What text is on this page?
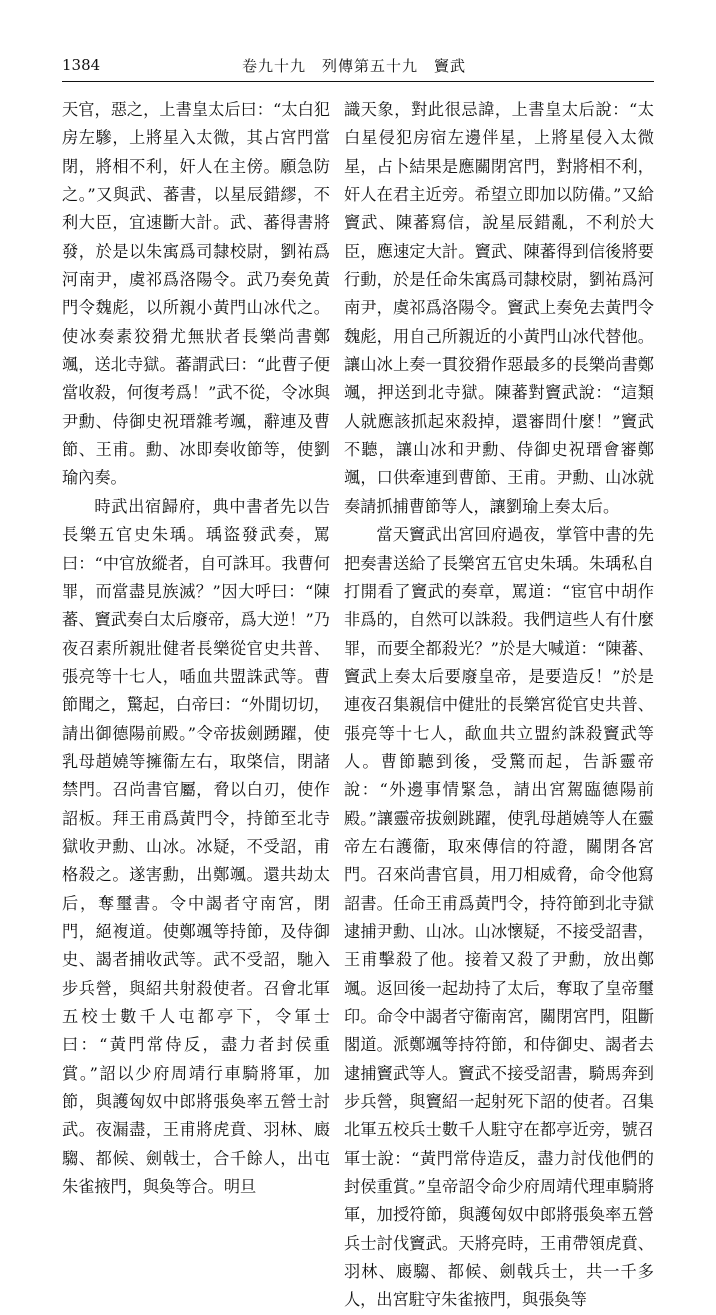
1384	卷九十九　列傳第五十九　竇武

天官，惡之，上書皇太后曰：“太白犯房左驂，上將星入太微，其占宮門當閉，將相不利，奸人在主傍。願急防之。”又與武、蕃書，以星辰錯繆，不利大臣，宜速斷大計。武、蕃得書將發，於是以朱㝢爲司隸校尉，劉祐爲河南尹，虞祁爲洛陽令。武乃奏免黃門令魏彪，以所親小黃門山冰代之。使冰奏素狡猾尤無狀者長樂尚書鄭颯，送北寺獄。蕃謂武曰：“此曹子便當收殺，何復考爲！”武不從，令冰與尹勳、侍御史祝瑨雜考颯，辭連及曹節、王甫。勳、冰即奏收節等，使劉瑜內奏。

時武出宿歸府，典中書者先以告長樂五官史朱瑀。瑀盜發武奏，罵曰：“中官放縱者，自可誅耳。我曹何罪，而當盡見族滅？”因大呼曰：“陳蕃、竇武奏白太后廢帝，爲大逆！”乃夜召素所親壯健者長樂從官史共普、張亮等十七人，喢血共盟誅武等。曹節聞之，驚起，白帝曰：“外閒切切，請出御德陽前殿。”令帝拔劍踴躍，使乳母趙嬈等擁衞左右，取棨信，閉諸禁門。召尚書官屬，脅以白刃，使作詔板。拜王甫爲黃門令，持節至北寺獄收尹勳、山冰。冰疑，不受詔，甫格殺之。遂害勳，出鄭颯。還共劫太后，奪璽書。令中謁者守南宮，閉門，絕複道。使鄭颯等持節，及侍御史、謁者捕收武等。武不受詔，馳入步兵營，與紹共射殺使者。召會北軍五校士數千人屯都亭下，令軍士曰：“黃門常侍反，盡力者封侯重賞。”詔以少府周靖行車騎將軍，加節，與護匈奴中郎將張奐率五營士討武。夜漏盡，王甫將虎賁、羽林、廄騶、都候、劍戟士，合千餘人，出屯朱雀掖門，與奐等合。明旦

識天象，對此很忌諱，上書皇太后說：“太白星侵犯房宿左邊伴星，上將星侵入太微星，占卜結果是應關閉宮門，對將相不利，奸人在君主近旁。希望立即加以防備。”又給竇武、陳蕃寫信，說星辰錯亂，不利於大臣，應速定大計。竇武、陳蕃得到信後將要行動，於是任命朱㝢爲司隸校尉，劉祐爲河南尹，虞祁爲洛陽令。竇武上奏免去黃門令魏彪，用自己所親近的小黃門山冰代替他。讓山冰上奏一貫狡猾作惡最多的長樂尚書鄭颯，押送到北寺獄。陳蕃對竇武說：“這類人就應該抓起來殺掉，還審問什麼！”竇武不聽，讓山冰和尹勳、侍御史祝瑨會審鄭颯，口供牽連到曹節、王甫。尹勳、山冰就奏請抓捕曹節等人，讓劉瑜上奏太后。

當天竇武出宮回府過夜，掌管中書的先把奏書送給了長樂宮五官史朱瑀。朱瑀私自打開看了竇武的奏章，罵道：“宦官中胡作非爲的，自然可以誅殺。我們這些人有什麼罪，而要全都殺光？”於是大喊道：“陳蕃、竇武上奏太后要廢皇帝，是要造反！”於是連夜召集親信中健壯的長樂宮從官史共普、張亮等十七人，歃血共立盟約誅殺竇武等人。曹節聽到後，受驚而起，告訴靈帝說：“外邊事情緊急，請出宮駕臨德陽前殿。”讓靈帝拔劍跳躍，使乳母趙嬈等人在靈帝左右護衞，取來傳信的符證，關閉各宮門。召來尚書官員，用刀相威脅，命令他寫詔書。任命王甫爲黃門令，持符節到北寺獄逮捕尹勳、山冰。山冰懷疑，不接受詔書，王甫擊殺了他。接着又殺了尹勳，放出鄭颯。返回後一起劫持了太后，奪取了皇帝璽印。命令中謁者守衞南宮，關閉宮門，阻斷閣道。派鄭颯等持符節，和侍御史、謁者去逮捕竇武等人。竇武不接受詔書，騎馬奔到步兵營，與竇紹一起射死下詔的使者。召集北軍五校兵士數千人駐守在都亭近旁，號召軍士說：“黃門常侍造反，盡力討伐他們的封侯重賞。”皇帝詔令命少府周靖代理車騎將軍，加授符節，與護匈奴中郎將張奐率五營兵士討伐竇武。天將亮時，王甫帶領虎賁、羽林、廄騶、都候、劍戟兵士，共一千多人，出宮駐守朱雀掖門，與張奐等
